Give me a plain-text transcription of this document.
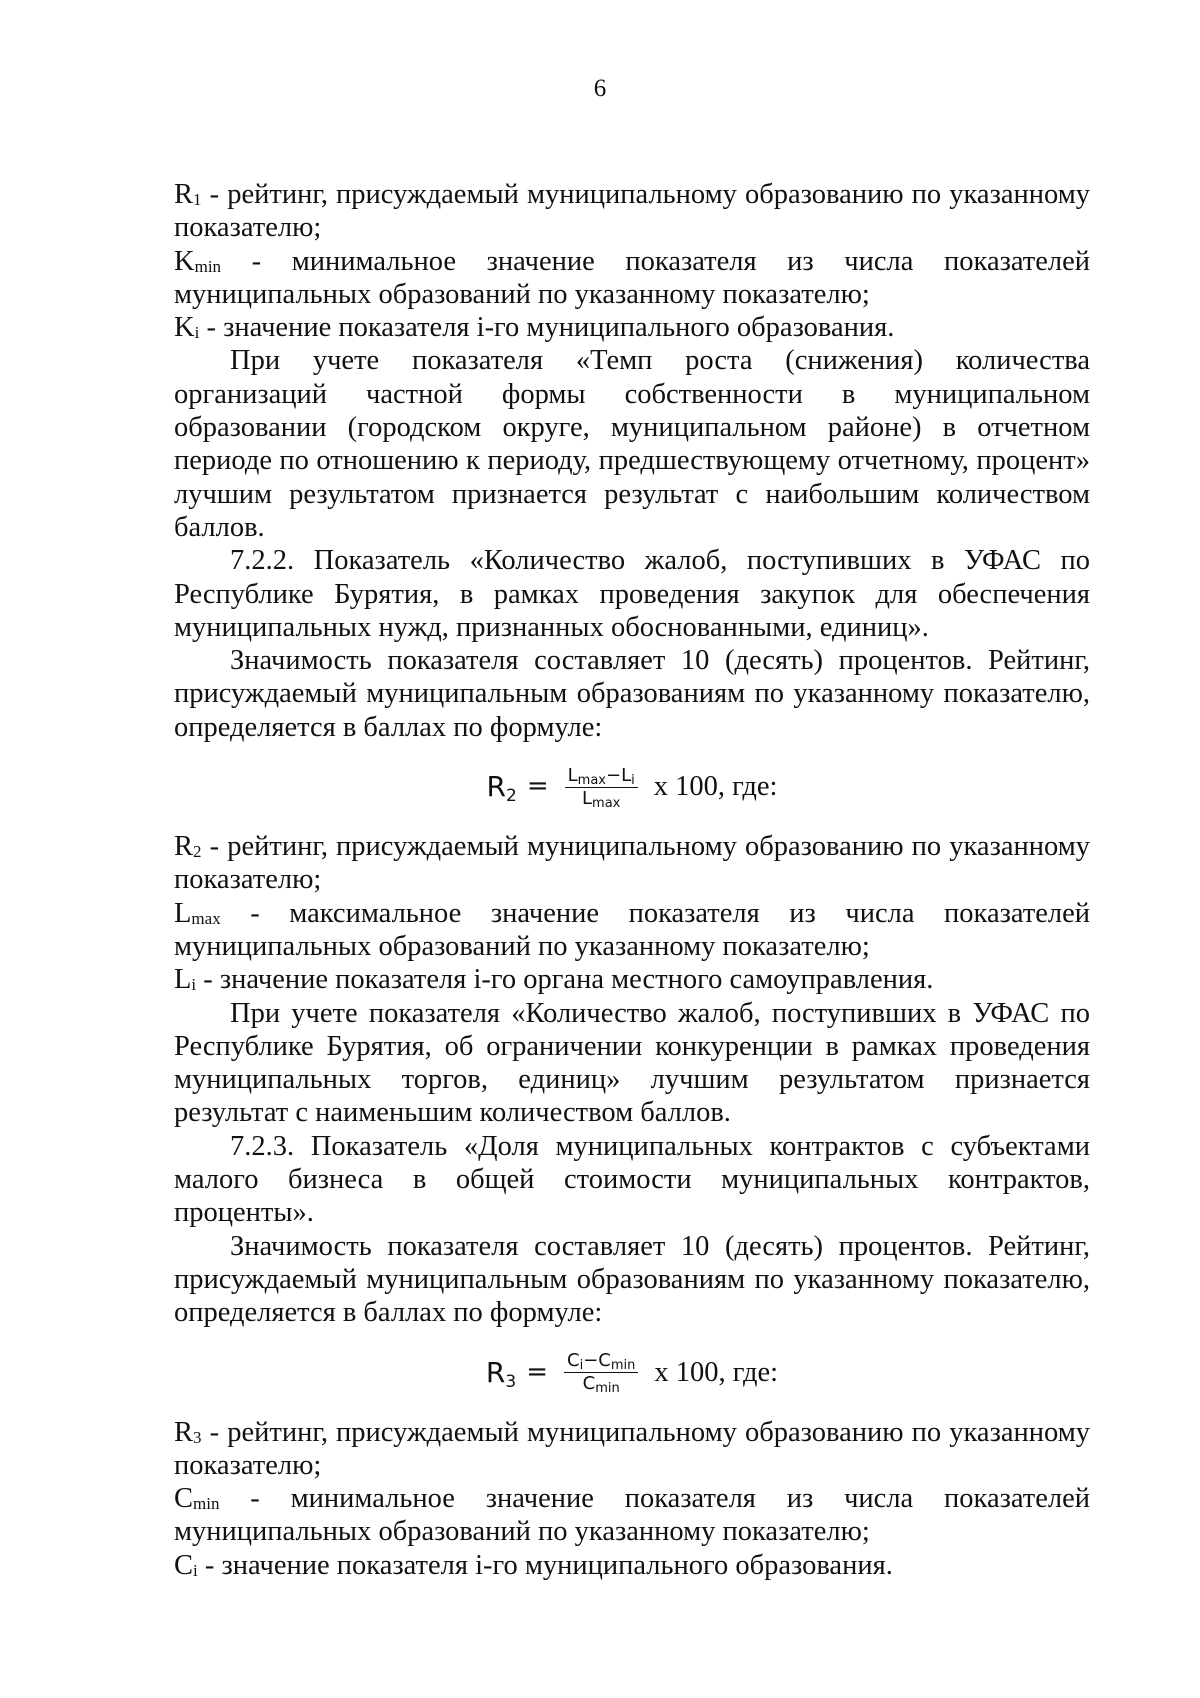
6

$R_1$ - рейтинг, присуждаемый муниципальному образованию по указанному показателю;

$K_{min}$ - минимальное значение показателя из числа показателей муниципальных образований по указанному показателю;

$K_i$ - значение показателя i-го муниципального образования.

При учете показателя «Темп роста (снижения) количества организаций частной формы собственности в муниципальном образовании (городском округе, муниципальном районе) в отчетном периоде по отношению к периоду, предшествующему отчетному, процент» лучшим результатом признается результат с наибольшим количеством баллов.

7.2.2. Показатель «Количество жалоб, поступивших в УФАС по Республике Бурятия, в рамках проведения закупок для обеспечения муниципальных нужд, признанных обоснованными, единиц».

Значимость показателя составляет 10 (десять) процентов. Рейтинг, присуждаемый муниципальным образованиям по указанному показателю, определяется в баллах по формуле:

$R_2 = \frac{L_{max}-L_i}{L_{max}}$ х 100, где:

$R_2$ - рейтинг, присуждаемый муниципальному образованию по указанному показателю;

$L_{max}$ - максимальное значение показателя из числа показателей муниципальных образований по указанному показателю;

$L_i$ - значение показателя i-го органа местного самоуправления.

При учете показателя «Количество жалоб, поступивших в УФАС по Республике Бурятия, об ограничении конкуренции в рамках проведения муниципальных торгов, единиц» лучшим результатом признается результат с наименьшим количеством баллов.

7.2.3. Показатель «Доля муниципальных контрактов с субъектами малого бизнеса в общей стоимости муниципальных контрактов, проценты».

Значимость показателя составляет 10 (десять) процентов. Рейтинг, присуждаемый муниципальным образованиям по указанному показателю, определяется в баллах по формуле:

$R_3 = \frac{C_i-C_{min}}{C_{min}}$ х 100, где:

$R_3$ - рейтинг, присуждаемый муниципальному образованию по указанному показателю;

$C_{min}$ - минимальное значение показателя из числа показателей муниципальных образований по указанному показателю;

$C_i$ - значение показателя i-го муниципального образования.
